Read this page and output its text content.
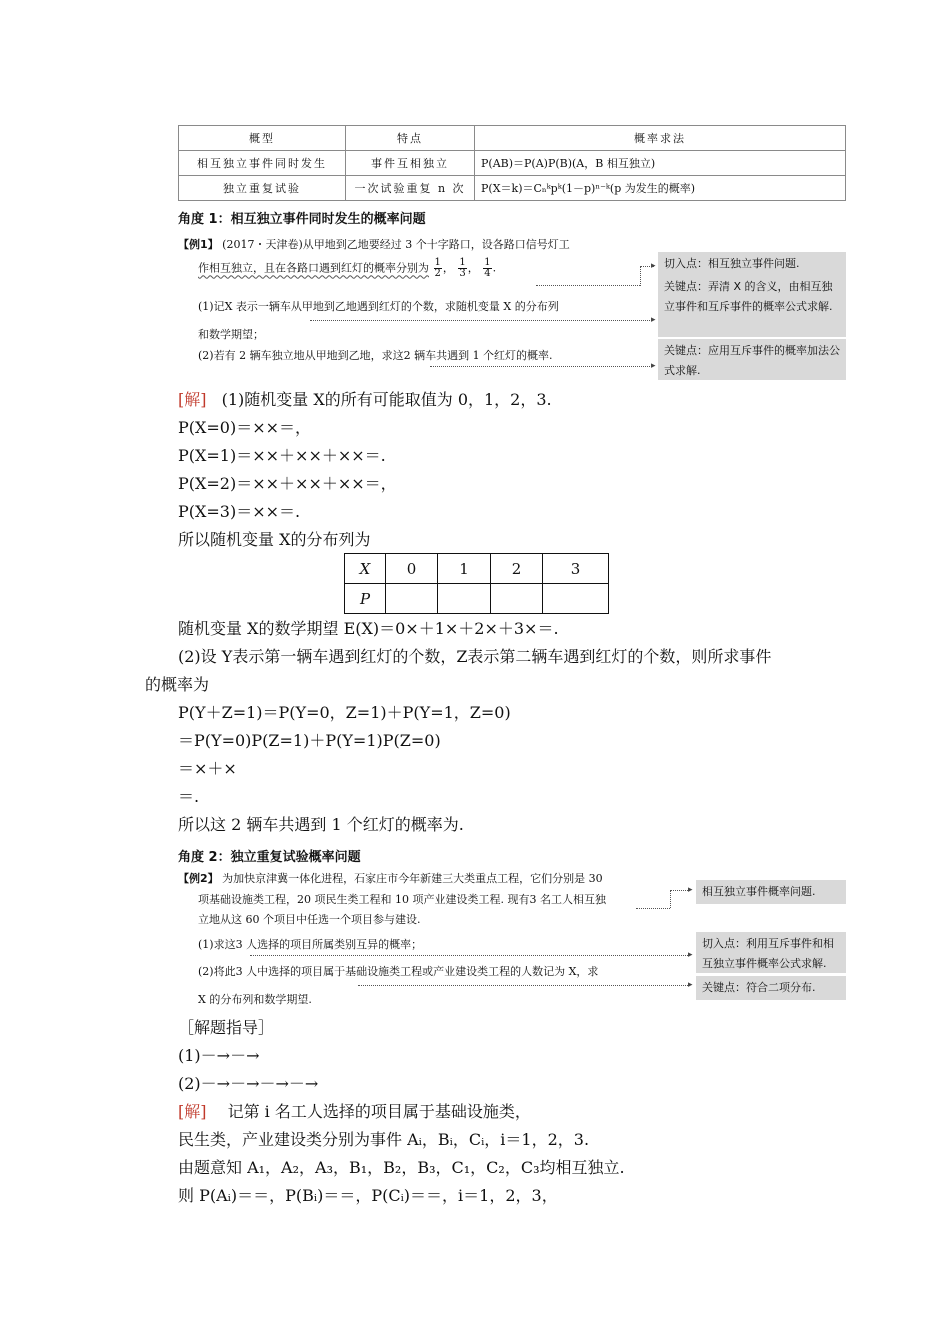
概型	特点	概率求法
相互独立事件同时发生	事件互相独立	P(AB)＝P(A)P(B)(A，B 相互独立)
独立重复试验	一次试验重复 n 次	P(X＝k)＝Cₙᵏpᵏ(1－p)ⁿ⁻ᵏ(p 为发生的概率)
角度 1：相互独立事件同时发生的概率问题
【例1】 (2017・天津卷)从甲地到乙地要经过 3 个十字路口，设各路口信号灯工
作相互独立，且在各路口遇到红灯的概率分别为 $\frac{1}{2}$ ， $\frac{1}{3}$ ， $\frac{1}{4}$ .
(1)记X 表示一辆车从甲地到乙地遇到红灯的个数，求随机变量 X 的分布列
和数学期望；
(2)若有 2 辆车独立地从甲地到乙地，求这2 辆车共遇到 1 个红灯的概率.
▸
▸
▸
切入点：相互独立事件问题.
关键点：弄清 X 的含义，由相互独立事件和互斥事件的概率公式求解.
关键点：应用互斥事件的概率加法公式求解.
[解] (1)随机变量 X的所有可能取值为 0，1，2，3.
P(X=0)＝××＝，
P(X=1)＝××＋××＋××＝.
P(X=2)＝××＋××＋××＝，
P(X=3)＝××＝.
所以随机变量 X的分布列为
X	0	1	2	3
P				
随机变量 X的数学期望 E(X)＝0×＋1×＋2×＋3×＝.
(2)设 Y表示第一辆车遇到红灯的个数，Z表示第二辆车遇到红灯的个数，则所求事件
的概率为
P(Y＋Z=1)＝P(Y=0，Z=1)＋P(Y=1，Z=0)
＝P(Y=0)P(Z=1)＋P(Y=1)P(Z=0)
＝×＋×
＝.
所以这 2 辆车共遇到 1 个红灯的概率为.
角度 2：独立重复试验概率问题
【例2】 为加快京津冀一体化进程，石家庄市今年新建三大类重点工程，它们分别是 30
项基础设施类工程，20 项民生类工程和 10 项产业建设类工程. 现有3 名工人相互独
立地从这 60 个项目中任选一个项目参与建设.
(1)求这3 人选择的项目所属类别互异的概率；
(2)将此3 人中选择的项目属于基础设施类工程或产业建设类工程的人数记为 X，求
X 的分布列和数学期望.
▸
▸
▸
相互独立事件概率问题.
切入点：利用互斥事件和相互独立事件概率公式求解.
关键点：符合二项分布.
［解题指导］
(1)－→－→
(2)－→－→－→－→
[解] 记第 i 名工人选择的项目属于基础设施类，
民生类，产业建设类分别为事件 Aᵢ，Bᵢ，Cᵢ，i＝1，2，3.
由题意知 A₁，A₂，A₃，B₁，B₂，B₃，C₁，C₂，C₃均相互独立.
则 P(Aᵢ)＝＝，P(Bᵢ)＝＝，P(Cᵢ)＝＝，i＝1，2，3，
